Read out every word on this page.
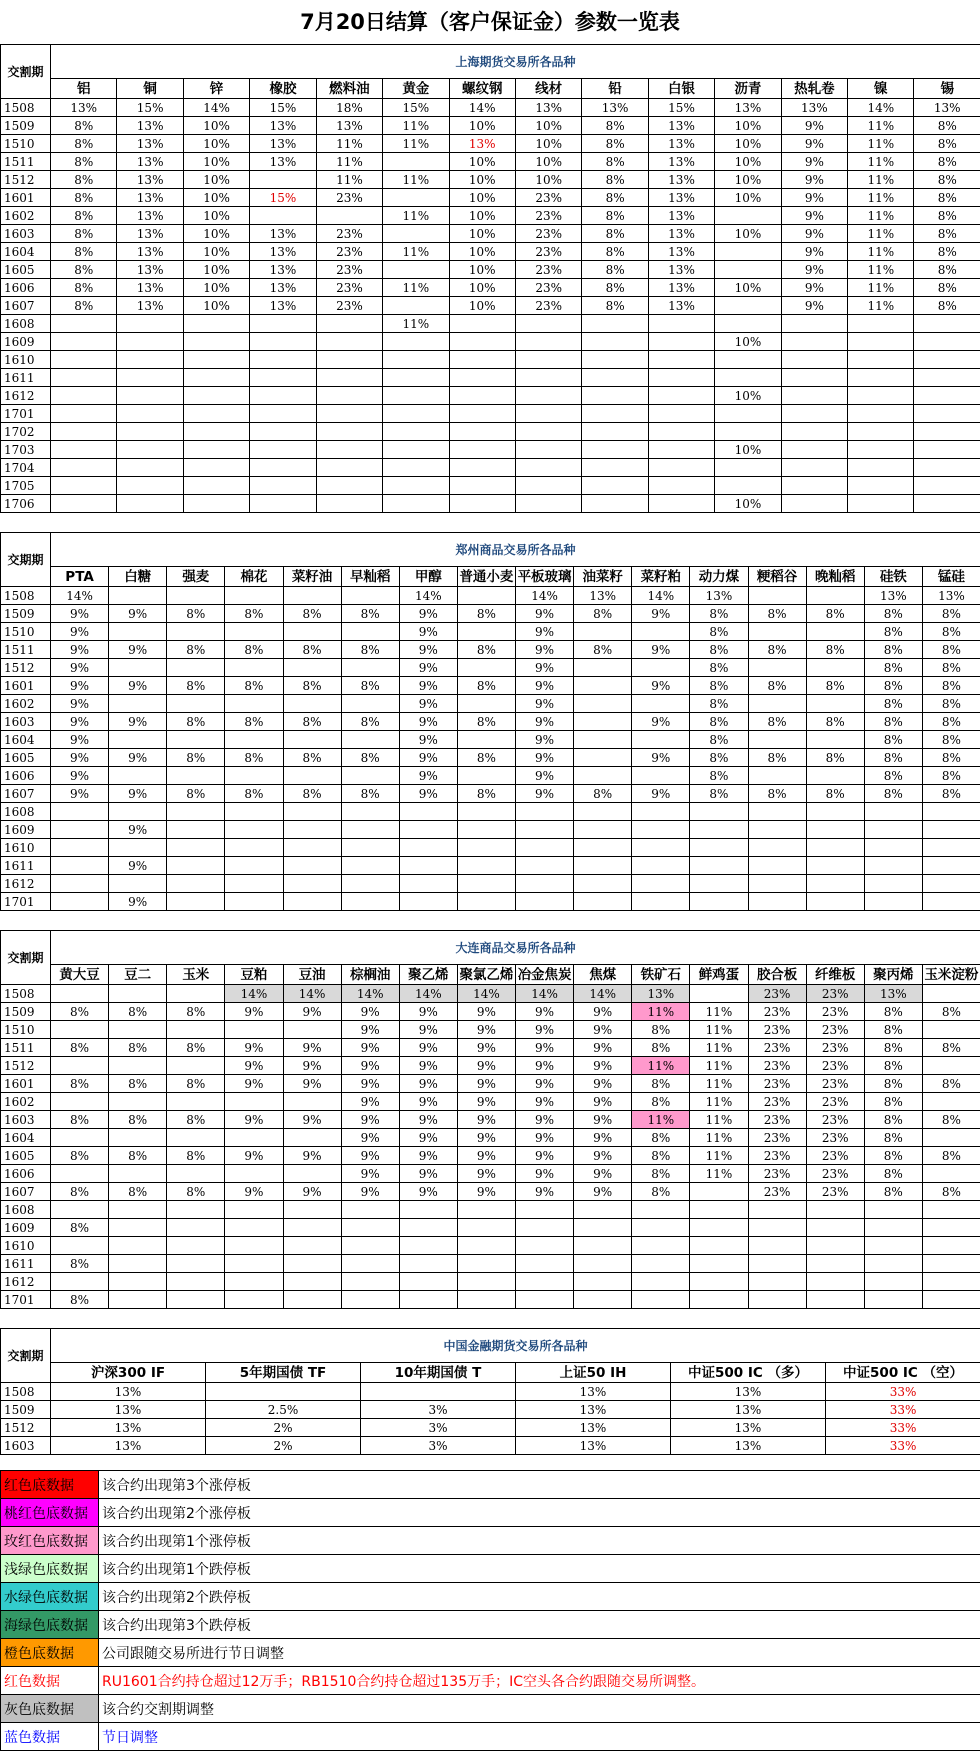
7月20日结算（客户保证金）参数一览表
交割期	上海期货交易所各品种													
	铝	铜	锌	橡胶	燃料油	黄金	螺纹钢	线材	铅	白银	沥青	热轧卷	镍	锡
1508	13%	15%	14%	15%	18%	15%	14%	13%	13%	15%	13%	13%	14%	13%
1509	8%	13%	10%	13%	13%	11%	10%	10%	8%	13%	10%	9%	11%	8%
1510	8%	13%	10%	13%	11%	11%	13%	10%	8%	13%	10%	9%	11%	8%
1511	8%	13%	10%	13%	11%		10%	10%	8%	13%	10%	9%	11%	8%
1512	8%	13%	10%		11%	11%	10%	10%	8%	13%	10%	9%	11%	8%
1601	8%	13%	10%	15%	23%		10%	23%	8%	13%	10%	9%	11%	8%
1602	8%	13%	10%			11%	10%	23%	8%	13%		9%	11%	8%
1603	8%	13%	10%	13%	23%		10%	23%	8%	13%	10%	9%	11%	8%
1604	8%	13%	10%	13%	23%	11%	10%	23%	8%	13%		9%	11%	8%
1605	8%	13%	10%	13%	23%		10%	23%	8%	13%		9%	11%	8%
1606	8%	13%	10%	13%	23%	11%	10%	23%	8%	13%	10%	9%	11%	8%
1607	8%	13%	10%	13%	23%		10%	23%	8%	13%		9%	11%	8%
1608						11%								
1609											10%			
1610														
1611														
1612											10%			
1701														
1702														
1703											10%			
1704														
1705														
1706											10%			
交期期	郑州商品交易所各品种															
	PTA	白糖	强麦	棉花	菜籽油	早籼稻	甲醇	普通小麦	平板玻璃	油菜籽	菜籽粕	动力煤	粳稻谷	晚籼稻	硅铁	锰硅
1508	14%						14%		14%	13%	14%	13%			13%	13%
1509	9%	9%	8%	8%	8%	8%	9%	8%	9%	8%	9%	8%	8%	8%	8%	8%
1510	9%						9%		9%			8%			8%	8%
1511	9%	9%	8%	8%	8%	8%	9%	8%	9%	8%	9%	8%	8%	8%	8%	8%
1512	9%						9%		9%			8%			8%	8%
1601	9%	9%	8%	8%	8%	8%	9%	8%	9%		9%	8%	8%	8%	8%	8%
1602	9%						9%		9%			8%			8%	8%
1603	9%	9%	8%	8%	8%	8%	9%	8%	9%		9%	8%	8%	8%	8%	8%
1604	9%						9%		9%			8%			8%	8%
1605	9%	9%	8%	8%	8%	8%	9%	8%	9%		9%	8%	8%	8%	8%	8%
1606	9%						9%		9%			8%			8%	8%
1607	9%	9%	8%	8%	8%	8%	9%	8%	9%	8%	9%	8%	8%	8%	8%	8%
1608																
1609		9%														
1610																
1611		9%														
1612																
1701		9%														
交割期	大连商品交易所各品种															
	黄大豆	豆二	玉米	豆粕	豆油	棕榈油	聚乙烯	聚氯乙烯	冶金焦炭	焦煤	铁矿石	鲜鸡蛋	胶合板	纤维板	聚丙烯	玉米淀粉
1508				14%	14%	14%	14%	14%	14%	14%	13%		23%	23%	13%	
1509	8%	8%	8%	9%	9%	9%	9%	9%	9%	9%	11%	11%	23%	23%	8%	8%
1510						9%	9%	9%	9%	9%	8%	11%	23%	23%	8%	
1511	8%	8%	8%	9%	9%	9%	9%	9%	9%	9%	8%	11%	23%	23%	8%	8%
1512				9%	9%	9%	9%	9%	9%	9%	11%	11%	23%	23%	8%	
1601	8%	8%	8%	9%	9%	9%	9%	9%	9%	9%	8%	11%	23%	23%	8%	8%
1602						9%	9%	9%	9%	9%	8%	11%	23%	23%	8%	
1603	8%	8%	8%	9%	9%	9%	9%	9%	9%	9%	11%	11%	23%	23%	8%	8%
1604						9%	9%	9%	9%	9%	8%	11%	23%	23%	8%	
1605	8%	8%	8%	9%	9%	9%	9%	9%	9%	9%	8%	11%	23%	23%	8%	8%
1606						9%	9%	9%	9%	9%	8%	11%	23%	23%	8%	
1607	8%	8%	8%	9%	9%	9%	9%	9%	9%	9%	8%		23%	23%	8%	8%
1608																
1609	8%															
1610																
1611	8%															
1612																
1701	8%															
交割期	中国金融期货交易所各品种					
	沪深300 IF	5年期国债 TF	10年期国债 T	上证50 IH	中证500 IC （多）	中证500 IC （空）
1508	13%			13%	13%	33%
1509	13%	2.5%	3%	13%	13%	33%
1512	13%	2%	3%	13%	13%	33%
1603	13%	2%	3%	13%	13%	33%
红色底数据	该合约出现第3个涨停板
桃红色底数据	该合约出现第2个涨停板
玫红色底数据	该合约出现第1个涨停板
浅绿色底数据	该合约出现第1个跌停板
水绿色底数据	该合约出现第2个跌停板
海绿色底数据	该合约出现第3个跌停板
橙色底数据	公司跟随交易所进行节日调整
红色数据	RU1601合约持仓超过12万手；RB1510合约持仓超过135万手；IC空头各合约跟随交易所调整。
灰色底数据	该合约交割期调整
蓝色数据	节日调整
